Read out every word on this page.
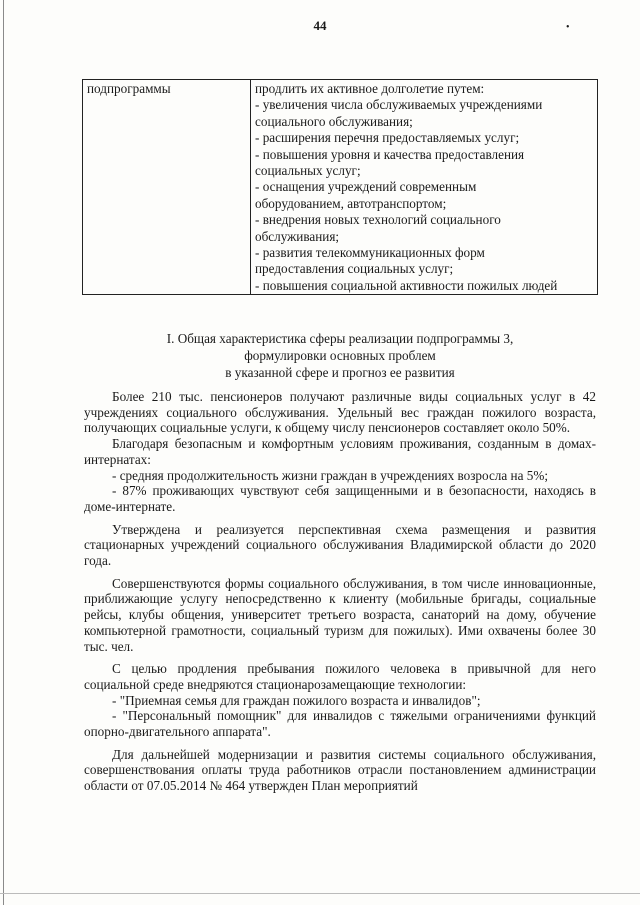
44	•
подпрограммы	продлить их активное долголетие путем:
- увеличения числа обслуживаемых учреждениями
социального обслуживания;
- расширения перечня предоставляемых услуг;
- повышения уровня и качества предоставления
социальных услуг;
- оснащения учреждений современным
оборудованием, автотранспортом;
- внедрения новых технологий социального
обслуживания;
- развития телекоммуникационных форм
предоставления социальных услуг;
- повышения социальной активности пожилых людей
I. Общая характеристика сферы реализации подпрограммы 3,
формулировки основных проблем
в указанной сфере и прогноз ее развития

Более 210 тыс. пенсионеров получают различные виды социальных услуг в 42 учреждениях социального обслуживания. Удельный вес граждан пожилого возраста, получающих социальные услуги, к общему числу пенсионеров составляет около 50%.

Благодаря безопасным и комфортным условиям проживания, созданным в домах-интернатах:

- средняя продолжительность жизни граждан в учреждениях возросла на 5%;

- 87% проживающих чувствуют себя защищенными и в безопасности, находясь в доме-интернате.

Утверждена и реализуется перспективная схема размещения и развития стационарных учреждений социального обслуживания Владимирской области до 2020 года.

Совершенствуются формы социального обслуживания, в том числе инновационные, приближающие услугу непосредственно к клиенту (мобильные бригады, социальные рейсы, клубы общения, университет третьего возраста, санаторий на дому, обучение компьютерной грамотности, социальный туризм для пожилых). Ими охвачены более 30 тыс. чел.

С целью продления пребывания пожилого человека в привычной для него социальной среде внедряются стационарозамещающие технологии:

- "Приемная семья для граждан пожилого возраста и инвалидов";

- "Персональный помощник" для инвалидов с тяжелыми ограничениями функций опорно-двигательного аппарата".

Для дальнейшей модернизации и развития системы социального обслуживания, совершенствования оплаты труда работников отрасли постановлением администрации области от 07.05.2014 № 464 утвержден План мероприятий
